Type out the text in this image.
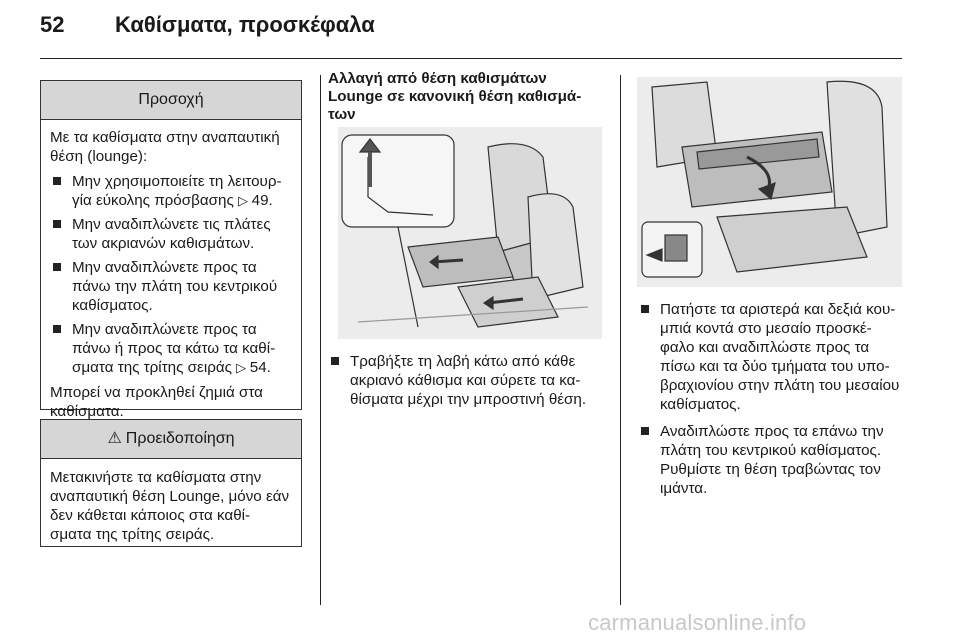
52 Καθίσματα, προσκέφαλα
Προσοχή

Με τα καθίσματα στην αναπαυτική θέση (lounge):

Μην χρησιμοποιείτε τη λειτουρ-γία εύκολης πρόσβασης ▷ 49.
Μην αναδιπλώνετε τις πλάτες των ακριανών καθισμάτων.
Μην αναδιπλώνετε προς τα πάνω την πλάτη του κεντρικού καθίσματος.
Μην αναδιπλώνετε προς τα πάνω ή προς τα κάτω τα καθί-σματα της τρίτης σειράς ▷ 54.

Μπορεί να προκληθεί ζημιά στα καθίσματα.

⚠ Προειδοποίηση
Μετακινήστε τα καθίσματα στην αναπαυτική θέση Lounge, μόνο εάν δεν κάθεται κάποιος στα καθί-σματα της τρίτης σειράς.
Αλλαγή από θέση καθισμάτων Lounge σε κανονική θέση καθισμά-των
Τραβήξτε τη λαβή κάτω από κάθε ακριανό κάθισμα και σύρετε τα κα-θίσματα μέχρι την μπροστινή θέση.
Πατήστε τα αριστερά και δεξιά κου-μπιά κοντά στο μεσαίο προσκέ-φαλο και αναδιπλώστε προς τα πίσω και τα δύο τμήματα του υπο-βραχιονίου στην πλάτη του μεσαίου καθίσματος.
Αναδιπλώστε προς τα επάνω την πλάτη του κεντρικού καθίσματος. Ρυθμίστε τη θέση τραβώντας τον ιμάντα.
carmanualsonline.info
